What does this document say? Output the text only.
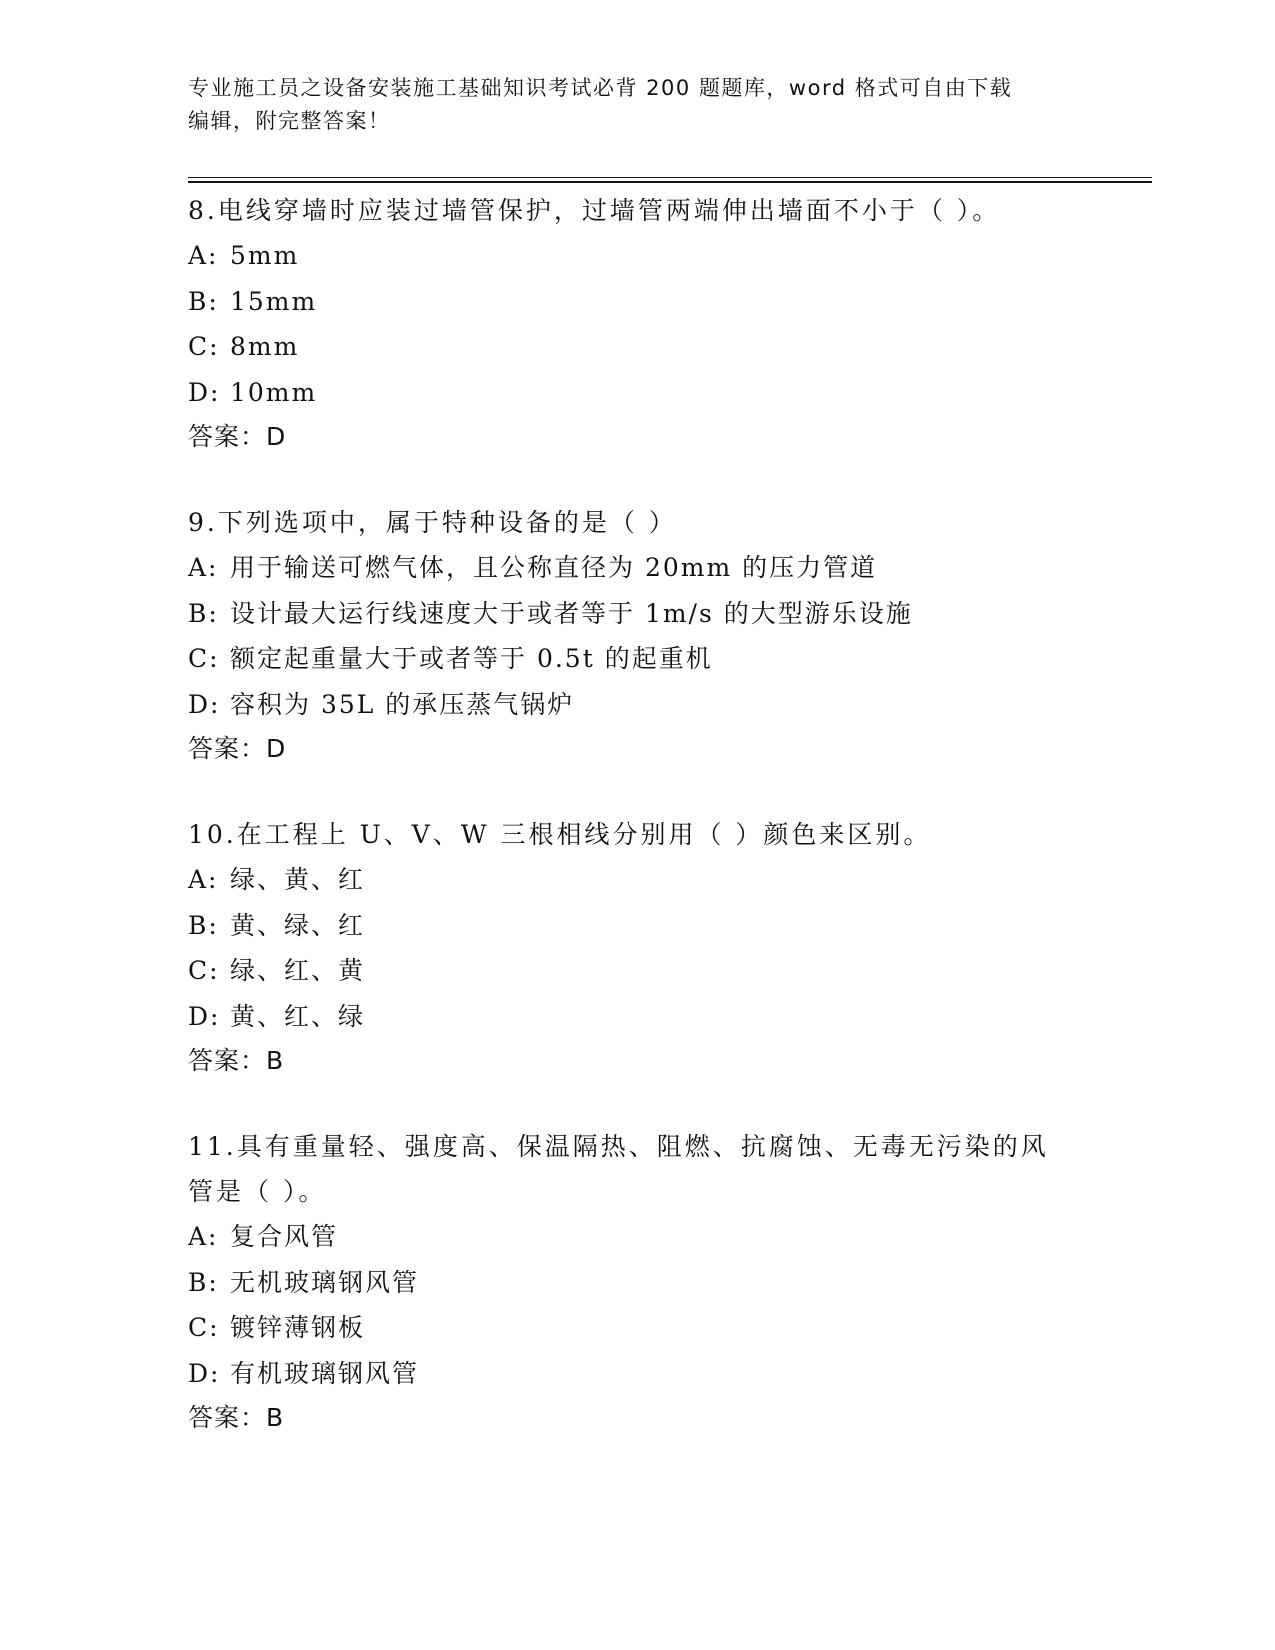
专业施工员之设备安装施工基础知识考试必背 200 题题库，word 格式可自由下载
编辑，附完整答案！
8.电线穿墙时应装过墙管保护，过墙管两端伸出墙面不小于（ ）。
A: 5mm
B: 15mm
C: 8mm
D: 10mm
答案：D
9.下列选项中，属于特种设备的是（ ）
A: 用于输送可燃气体，且公称直径为 20mm 的压力管道
B: 设计最大运行线速度大于或者等于 1m/s 的大型游乐设施
C: 额定起重量大于或者等于 0.5t 的起重机
D: 容积为 35L 的承压蒸气锅炉
答案：D
10.在工程上 U、V、W 三根相线分别用（ ）颜色来区别。
A: 绿、黄、红
B: 黄、绿、红
C: 绿、红、黄
D: 黄、红、绿
答案：B
11.具有重量轻、强度高、保温隔热、阻燃、抗腐蚀、无毒无污染的风
管是（ ）。
A: 复合风管
B: 无机玻璃钢风管
C: 镀锌薄钢板
D: 有机玻璃钢风管
答案：B
